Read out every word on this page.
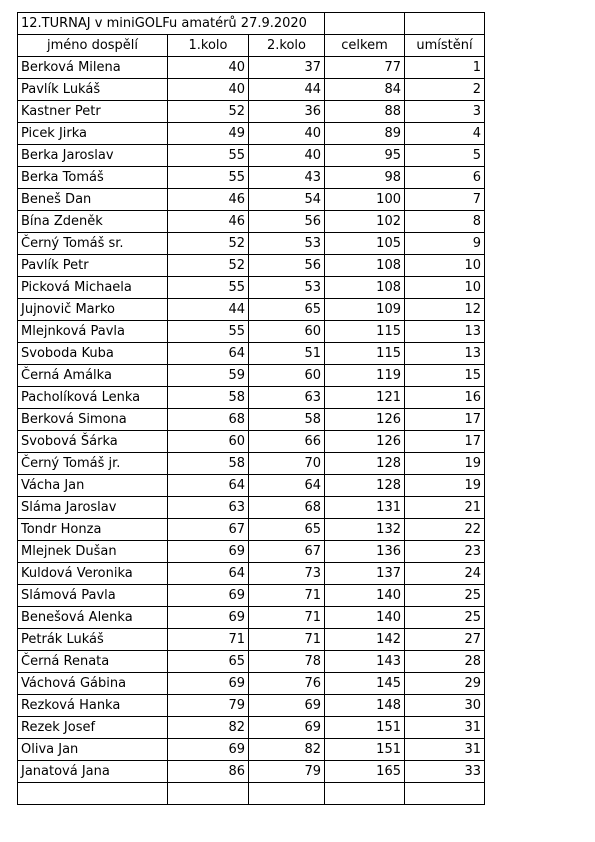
12.TURNAJ v miniGOLFu amatérů 27.9.2020				
jméno dospělí	1.kolo	2.kolo	celkem	umístění
Berková Milena	40	37	77	1
Pavlík Lukáš	40	44	84	2
Kastner Petr	52	36	88	3
Picek Jirka	49	40	89	4
Berka Jaroslav	55	40	95	5
Berka Tomáš	55	43	98	6
Beneš Dan	46	54	100	7
Bína Zdeněk	46	56	102	8
Černý Tomáš sr.	52	53	105	9
Pavlík Petr	52	56	108	10
Picková Michaela	55	53	108	10
Jujnovič Marko	44	65	109	12
Mlejnková Pavla	55	60	115	13
Svoboda Kuba	64	51	115	13
Černá Amálka	59	60	119	15
Pacholíková Lenka	58	63	121	16
Berková Simona	68	58	126	17
Svobová Šárka	60	66	126	17
Černý Tomáš jr.	58	70	128	19
Vácha Jan	64	64	128	19
Sláma Jaroslav	63	68	131	21
Tondr Honza	67	65	132	22
Mlejnek Dušan	69	67	136	23
Kuldová Veronika	64	73	137	24
Slámová Pavla	69	71	140	25
Benešová Alenka	69	71	140	25
Petrák Lukáš	71	71	142	27
Černá Renata	65	78	143	28
Váchová Gábina	69	76	145	29
Rezková Hanka	79	69	148	30
Rezek Josef	82	69	151	31
Oliva Jan	69	82	151	31
Janatová Jana	86	79	165	33
